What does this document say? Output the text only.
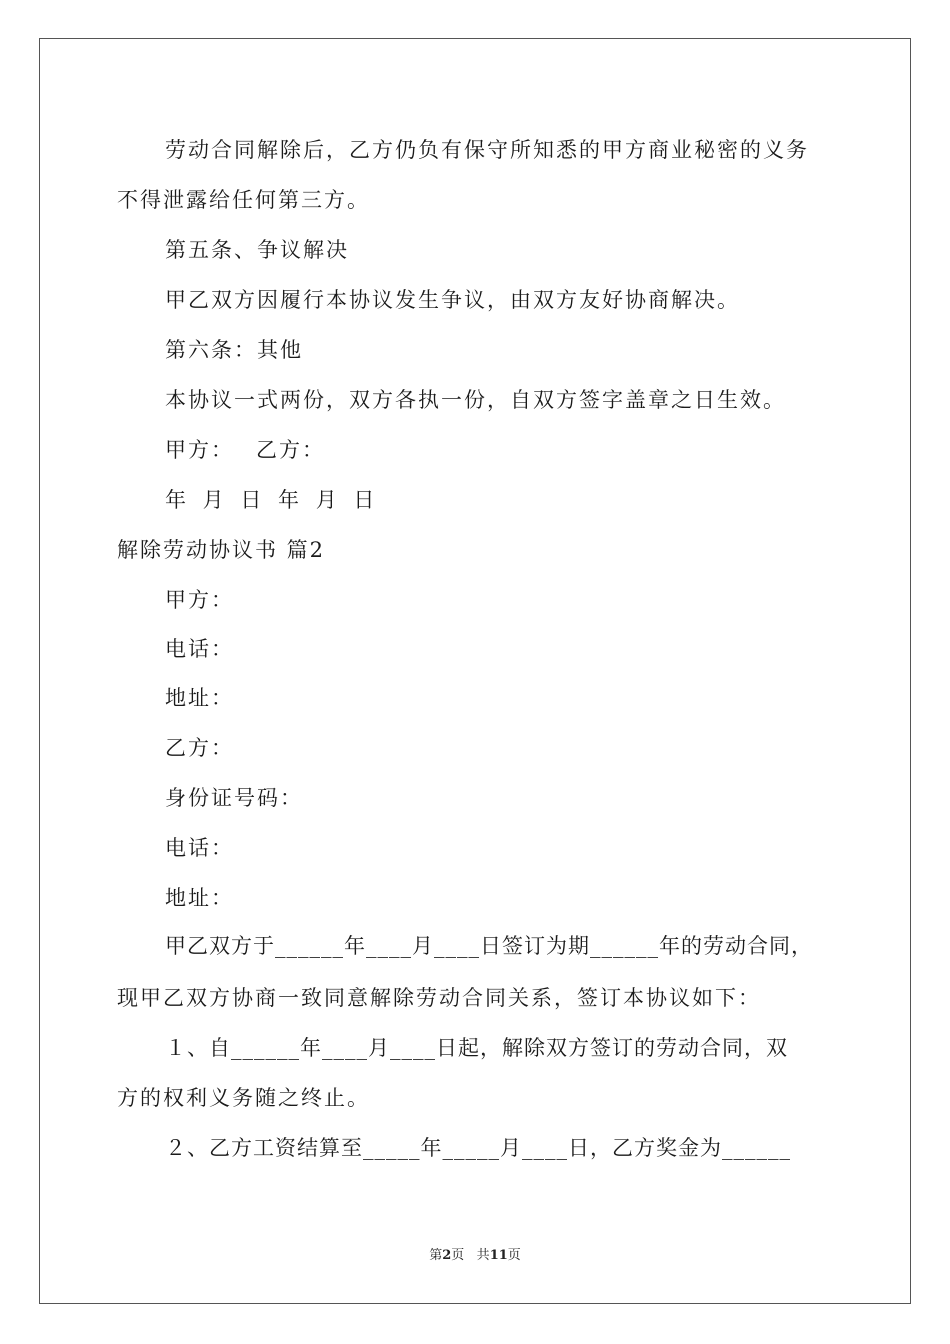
劳动合同解除后，乙方仍负有保守所知悉的甲方商业秘密的义务
不得泄露给任何第三方。
第五条、争议解决
甲乙双方因履行本协议发生争议，由双方友好协商解决。
第六条：其他
本协议一式两份，双方各执一份，自双方签字盖章之日生效。
甲方： 乙方：
年 月 日 年 月 日
解除劳动协议书 篇2
甲方：
电话：
地址：
乙方：
身份证号码：
电话：
地址：
甲乙双方于______年____月____日签订为期______年的劳动合同，
现甲乙双方协商一致同意解除劳动合同关系，签订本协议如下：
１、自______年____月____日起，解除双方签订的劳动合同，双
方的权利义务随之终止。
２、乙方工资结算至_____年_____月____日，乙方奖金为______
第2页 共11页
